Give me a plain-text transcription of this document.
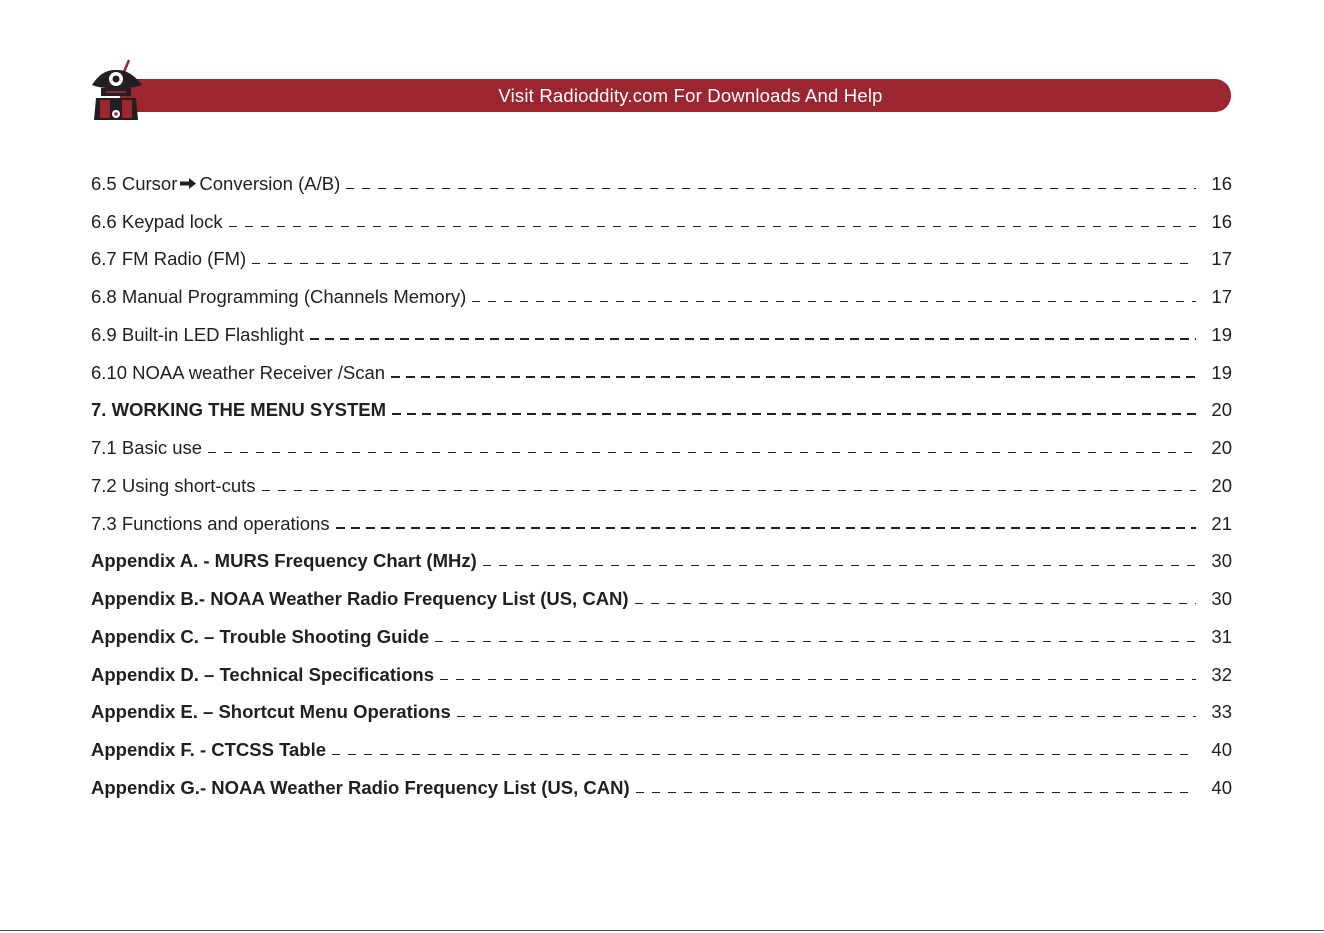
Visit Radioddity.com For Downloads And Help
6.5 Cursor Conversion (A/B)	16
6.6 Keypad lock	16
6.7 FM Radio (FM)	17
6.8 Manual Programming (Channels Memory)	17
6.9 Built-in LED Flashlight	19
6.10 NOAA weather Receiver /Scan	19
7. WORKING THE MENU SYSTEM	20
7.1 Basic use	20
7.2 Using short-cuts	20
7.3 Functions and operations	21
Appendix A. - MURS Frequency Chart (MHz)	30
Appendix B.- NOAA Weather Radio Frequency List (US, CAN)	30
Appendix C. – Trouble Shooting Guide	31
Appendix D. – Technical Specifications	32
Appendix E. – Shortcut Menu Operations	33
Appendix F. - CTCSS Table	40
Appendix G.- NOAA Weather Radio Frequency List (US, CAN)	40
